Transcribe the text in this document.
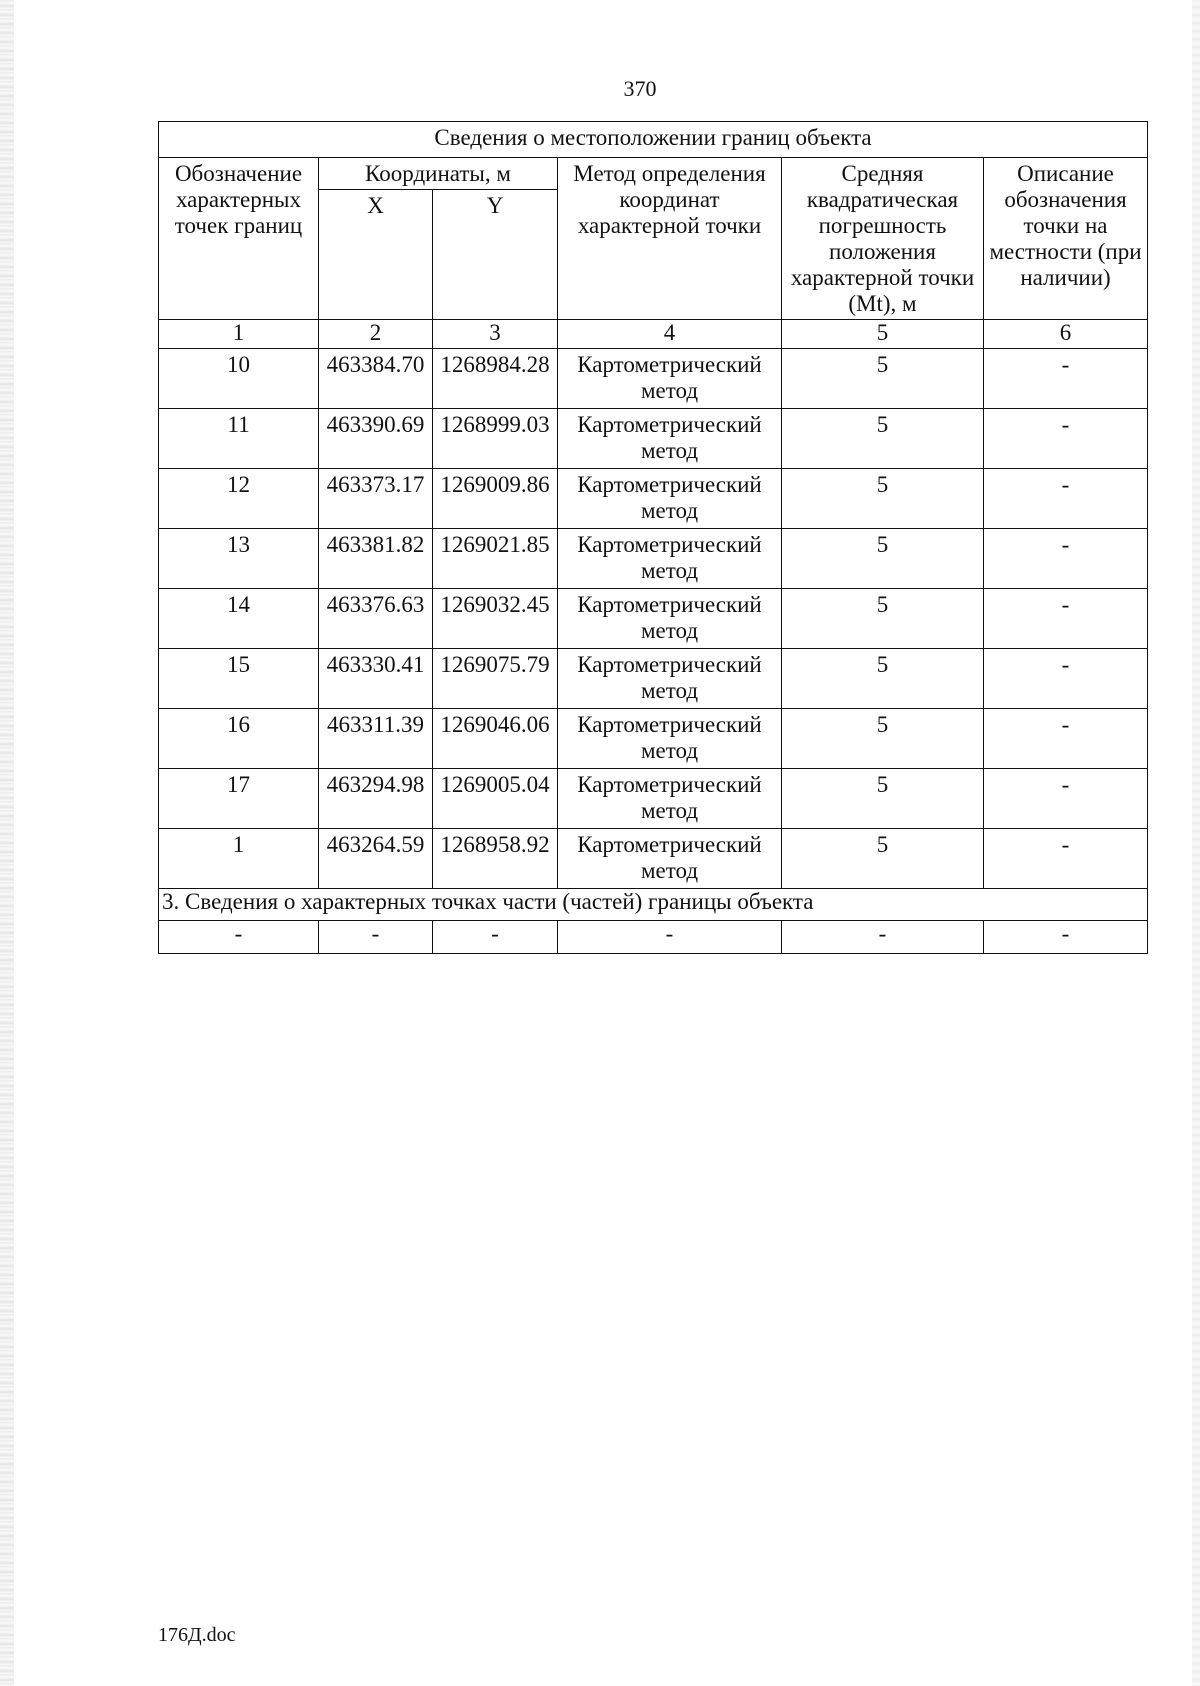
370
Сведения о местоположении границ объекта					
Обозначение характерных точек границ	Координаты, м		Метод определения координат характерной точки	Средняя квадратическая погрешность положения характерной точки (Mt), м	Описание обозначения точки на местности (при наличии)
	X	Y			
1	2	3	4	5	6
10	463384.70	1268984.28	Картометрический метод	5	-
11	463390.69	1268999.03	Картометрический метод	5	-
12	463373.17	1269009.86	Картометрический метод	5	-
13	463381.82	1269021.85	Картометрический метод	5	-
14	463376.63	1269032.45	Картометрический метод	5	-
15	463330.41	1269075.79	Картометрический метод	5	-
16	463311.39	1269046.06	Картометрический метод	5	-
17	463294.98	1269005.04	Картометрический метод	5	-
1	463264.59	1268958.92	Картометрический метод	5	-
3. Сведения о характерных точках части (частей) границы объекта					
-	-	-	-	-	-
176Д.doc
